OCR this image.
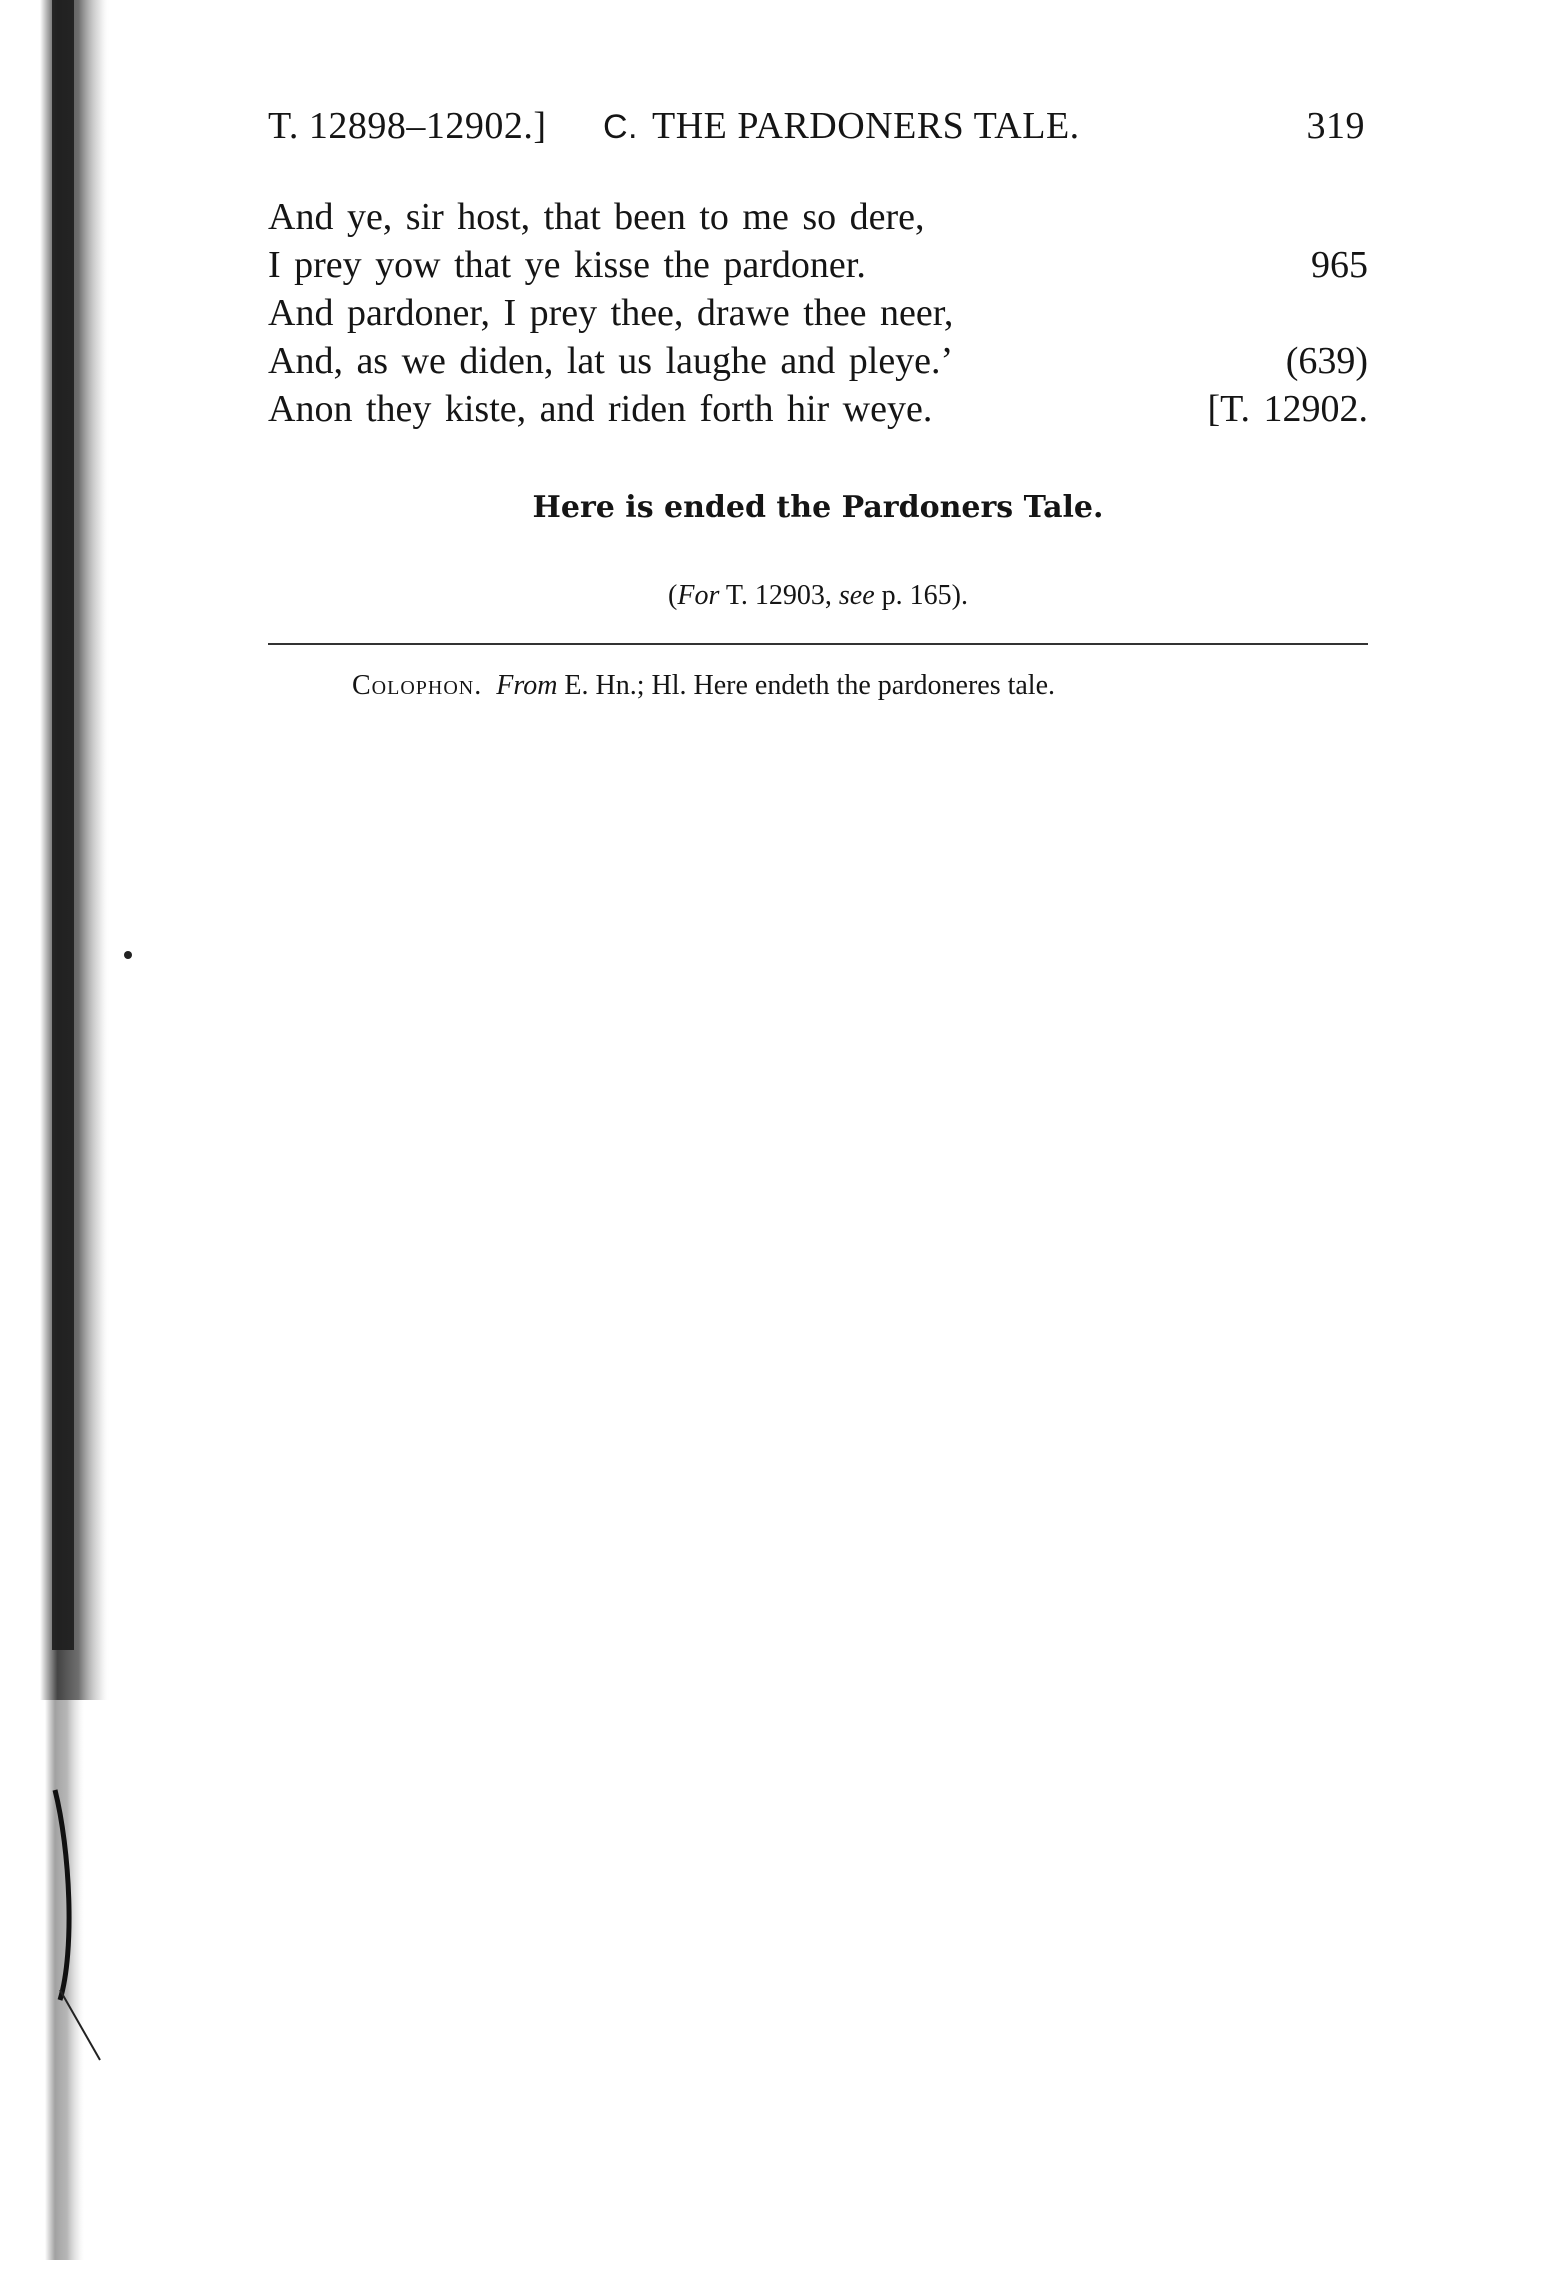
T. 12898–12902.] C. THE PARDONERS TALE.	319
And ye, sir host, that been to me so dere,
I prey yow that ye kisse the pardoner.	965
And pardoner, I prey thee, drawe thee neer,
And, as we diden, lat us laughe and pleye.’	(639)
Anon they kiste, and riden forth hir weye.	[T. 12902.
Here is ended the Pardoners Tale.
(For T. 12903, see p. 165).
Colophon. From E. Hn.; Hl. Here endeth the pardoneres tale.
